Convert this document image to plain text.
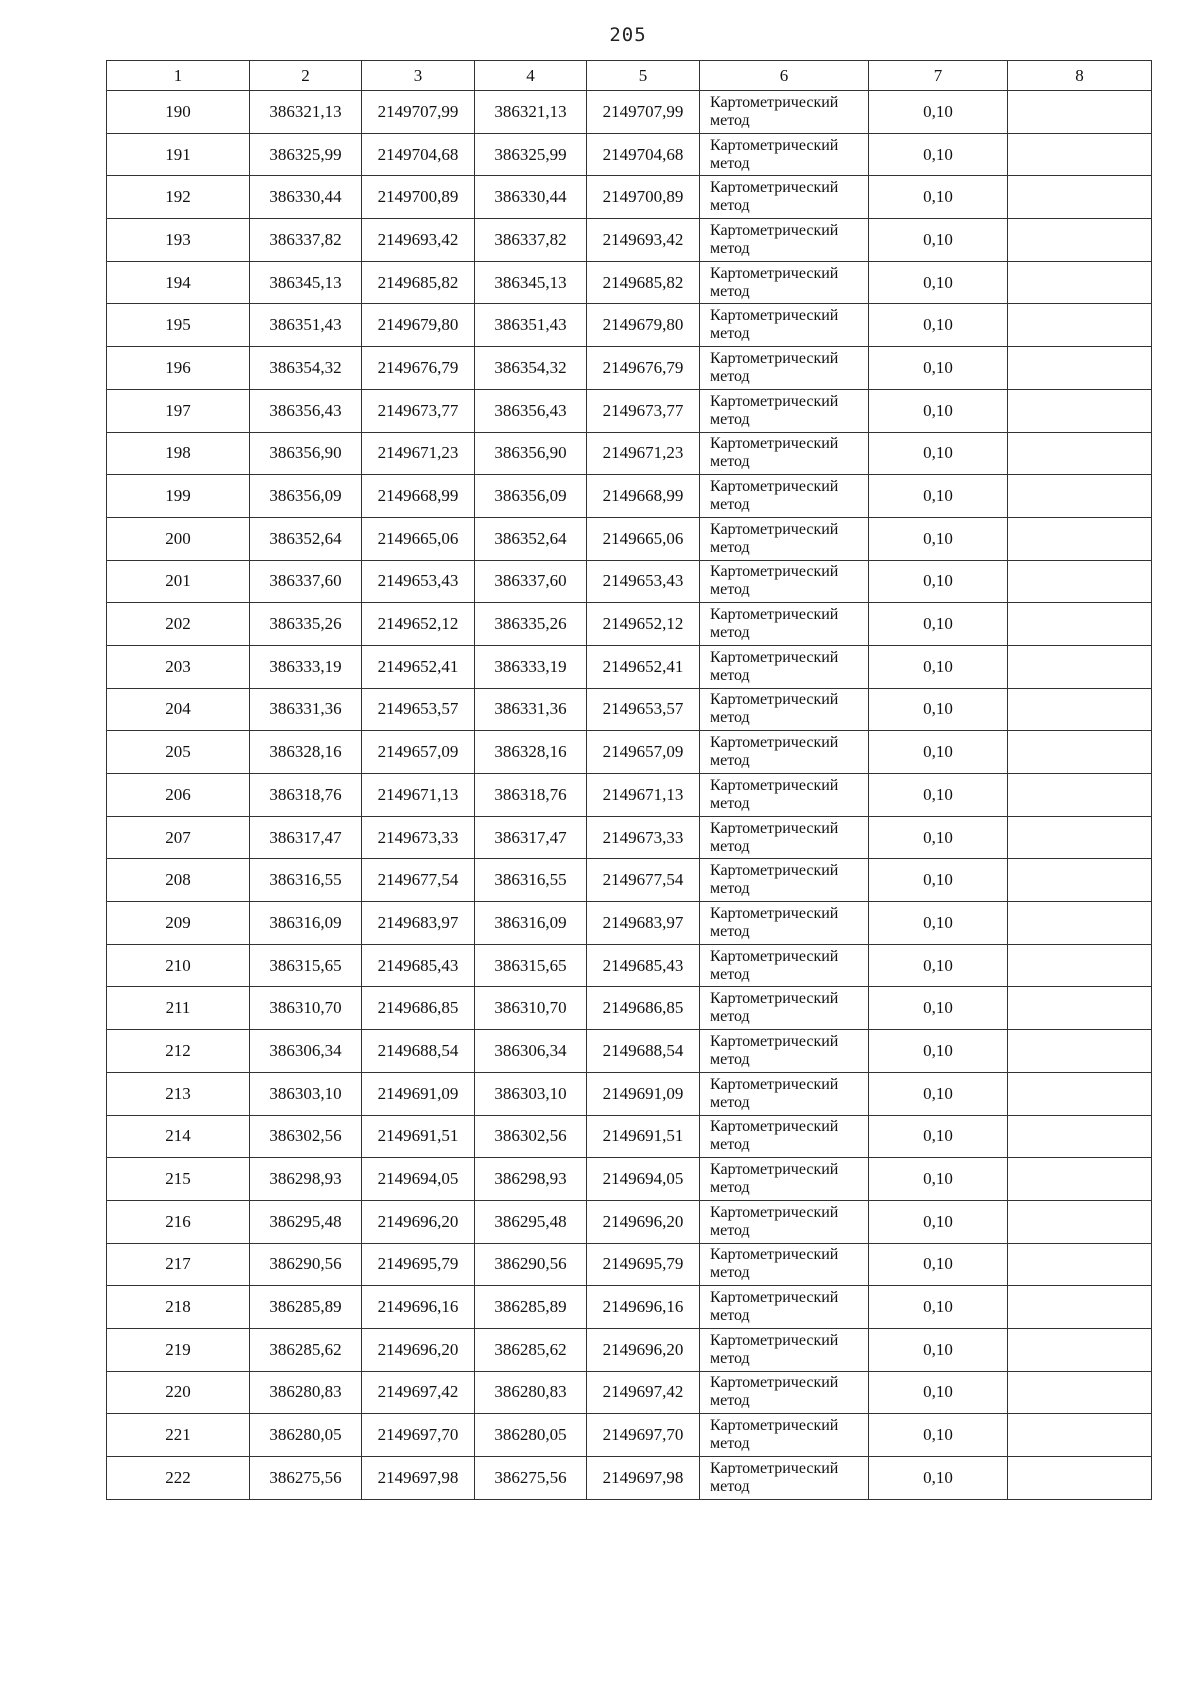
205
1	2	3	4	5	6	7	8
190	386321,13	2149707,99	386321,13	2149707,99	Картометрический
метод	0,10	
191	386325,99	2149704,68	386325,99	2149704,68	Картометрический
метод	0,10	
192	386330,44	2149700,89	386330,44	2149700,89	Картометрический
метод	0,10	
193	386337,82	2149693,42	386337,82	2149693,42	Картометрический
метод	0,10	
194	386345,13	2149685,82	386345,13	2149685,82	Картометрический
метод	0,10	
195	386351,43	2149679,80	386351,43	2149679,80	Картометрический
метод	0,10	
196	386354,32	2149676,79	386354,32	2149676,79	Картометрический
метод	0,10	
197	386356,43	2149673,77	386356,43	2149673,77	Картометрический
метод	0,10	
198	386356,90	2149671,23	386356,90	2149671,23	Картометрический
метод	0,10	
199	386356,09	2149668,99	386356,09	2149668,99	Картометрический
метод	0,10	
200	386352,64	2149665,06	386352,64	2149665,06	Картометрический
метод	0,10	
201	386337,60	2149653,43	386337,60	2149653,43	Картометрический
метод	0,10	
202	386335,26	2149652,12	386335,26	2149652,12	Картометрический
метод	0,10	
203	386333,19	2149652,41	386333,19	2149652,41	Картометрический
метод	0,10	
204	386331,36	2149653,57	386331,36	2149653,57	Картометрический
метод	0,10	
205	386328,16	2149657,09	386328,16	2149657,09	Картометрический
метод	0,10	
206	386318,76	2149671,13	386318,76	2149671,13	Картометрический
метод	0,10	
207	386317,47	2149673,33	386317,47	2149673,33	Картометрический
метод	0,10	
208	386316,55	2149677,54	386316,55	2149677,54	Картометрический
метод	0,10	
209	386316,09	2149683,97	386316,09	2149683,97	Картометрический
метод	0,10	
210	386315,65	2149685,43	386315,65	2149685,43	Картометрический
метод	0,10	
211	386310,70	2149686,85	386310,70	2149686,85	Картометрический
метод	0,10	
212	386306,34	2149688,54	386306,34	2149688,54	Картометрический
метод	0,10	
213	386303,10	2149691,09	386303,10	2149691,09	Картометрический
метод	0,10	
214	386302,56	2149691,51	386302,56	2149691,51	Картометрический
метод	0,10	
215	386298,93	2149694,05	386298,93	2149694,05	Картометрический
метод	0,10	
216	386295,48	2149696,20	386295,48	2149696,20	Картометрический
метод	0,10	
217	386290,56	2149695,79	386290,56	2149695,79	Картометрический
метод	0,10	
218	386285,89	2149696,16	386285,89	2149696,16	Картометрический
метод	0,10	
219	386285,62	2149696,20	386285,62	2149696,20	Картометрический
метод	0,10	
220	386280,83	2149697,42	386280,83	2149697,42	Картометрический
метод	0,10	
221	386280,05	2149697,70	386280,05	2149697,70	Картометрический
метод	0,10	
222	386275,56	2149697,98	386275,56	2149697,98	Картометрический
метод	0,10	
